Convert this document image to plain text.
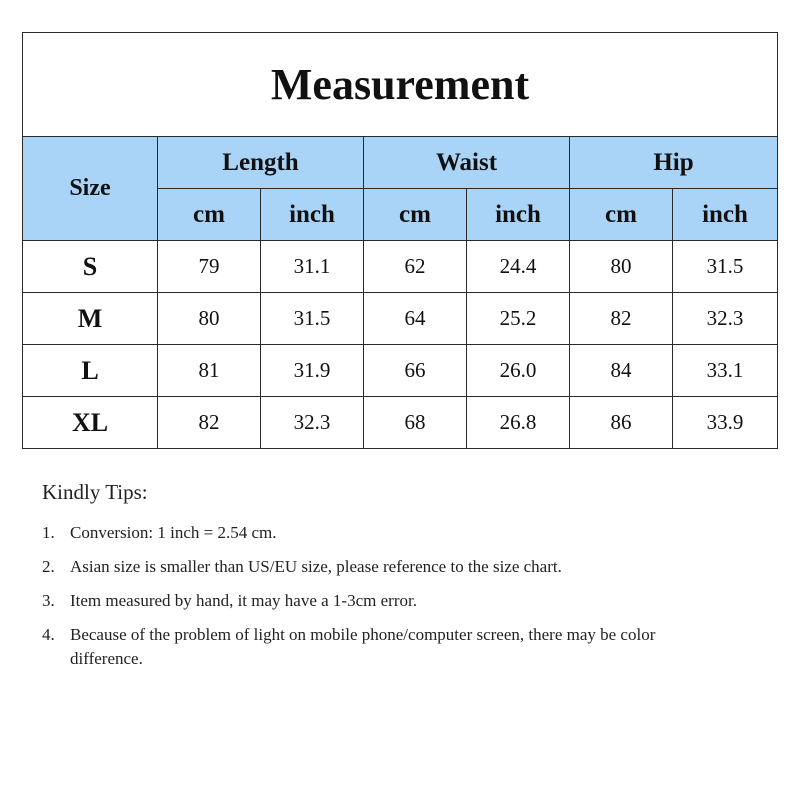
Measurement						
Size	Length		Waist		Hip	
	cm	inch	cm	inch	cm	inch
S	79	31.1	62	24.4	80	31.5
M	80	31.5	64	25.2	82	32.3
L	81	31.9	66	26.0	84	33.1
XL	82	32.3	68	26.8	86	33.9
Kindly Tips:
1. Conversion: 1 inch = 2.54 cm.
2. Asian size is smaller than US/EU size, please reference to the size chart.
3. Item measured by hand, it may have a 1-3cm error.
4. Because of the problem of light on mobile phone/computer screen, there may be color difference.
